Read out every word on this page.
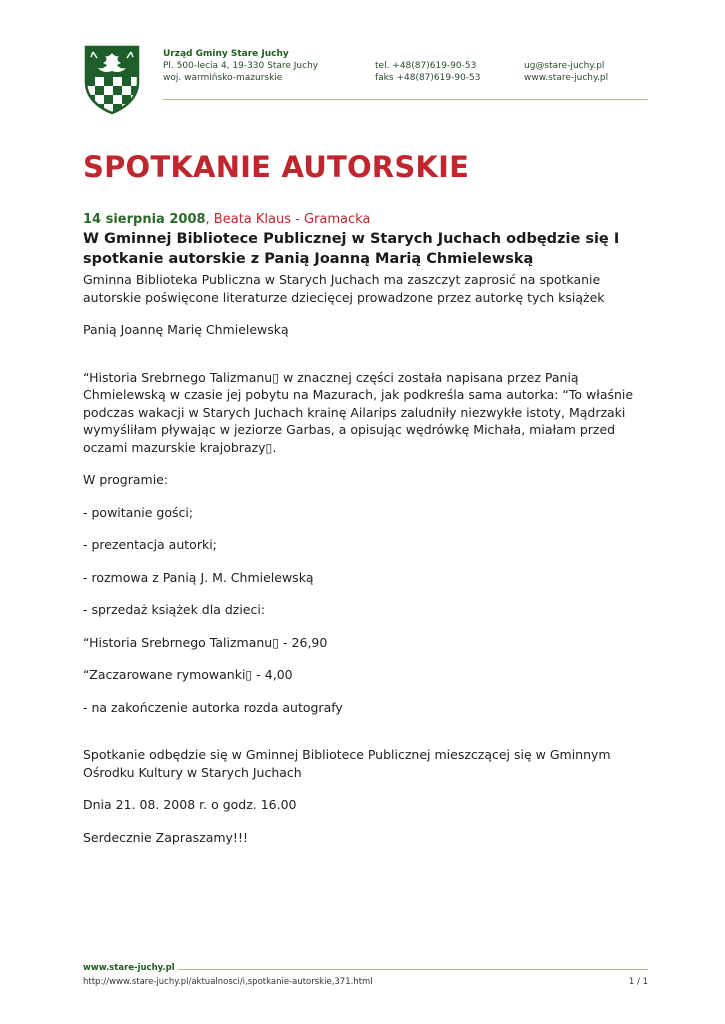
Urząd Gminy Stare Juchy
Pl. 500-lecia 4, 19-330 Stare Juchy
woj. warmińsko-mazurskie
tel. +48(87)619-90-53
faks +48(87)619-90-53
ug@stare-juchy.pl
www.stare-juchy.pl
SPOTKANIE AUTORSKIE
14 sierpnia 2008, Beata Klaus - Gramacka

W Gminnej Bibliotece Publicznej w Starych Juchach odbędzie się I spotkanie autorskie z Panią Joanną Marią Chmielewską

Gminna Biblioteka Publiczna w Starych Juchach ma zaszczyt zaprosić na spotkanie autorskie poświęcone literaturze dziecięcej prowadzone przez autorkę tych książek

Panią Joannę Marię Chmielewską

“Historia Srebrnego Talizmanu▯ w znacznej części została napisana przez Panią Chmielewską w czasie jej pobytu na Mazurach, jak podkreśla sama autorka: “To właśnie podczas wakacji w Starych Juchach krainę Ailarips zaludniły niezwykłe istoty, Mądrzaki wymyśliłam pływając w jeziorze Garbas, a opisując wędrówkę Michała, miałam przed oczami mazurskie krajobrazy▯.

W programie:

- powitanie gości;

- prezentacja autorki;

- rozmowa z Panią J. M. Chmielewską

- sprzedaż książek dla dzieci:

“Historia Srebrnego Talizmanu▯ - 26,90

“Zaczarowane rymowanki▯ - 4,00

- na zakończenie autorka rozda autografy

Spotkanie odbędzie się w Gminnej Bibliotece Publicznej mieszczącej się w Gminnym Ośrodku Kultury w Starych Juchach

Dnia 21. 08. 2008 r. o godz. 16.00

Serdecznie Zapraszamy!!!

www.stare-juchy.pl
http://www.stare-juchy.pl/aktualnosci/i,spotkanie-autorskie,371.html	1 / 1
